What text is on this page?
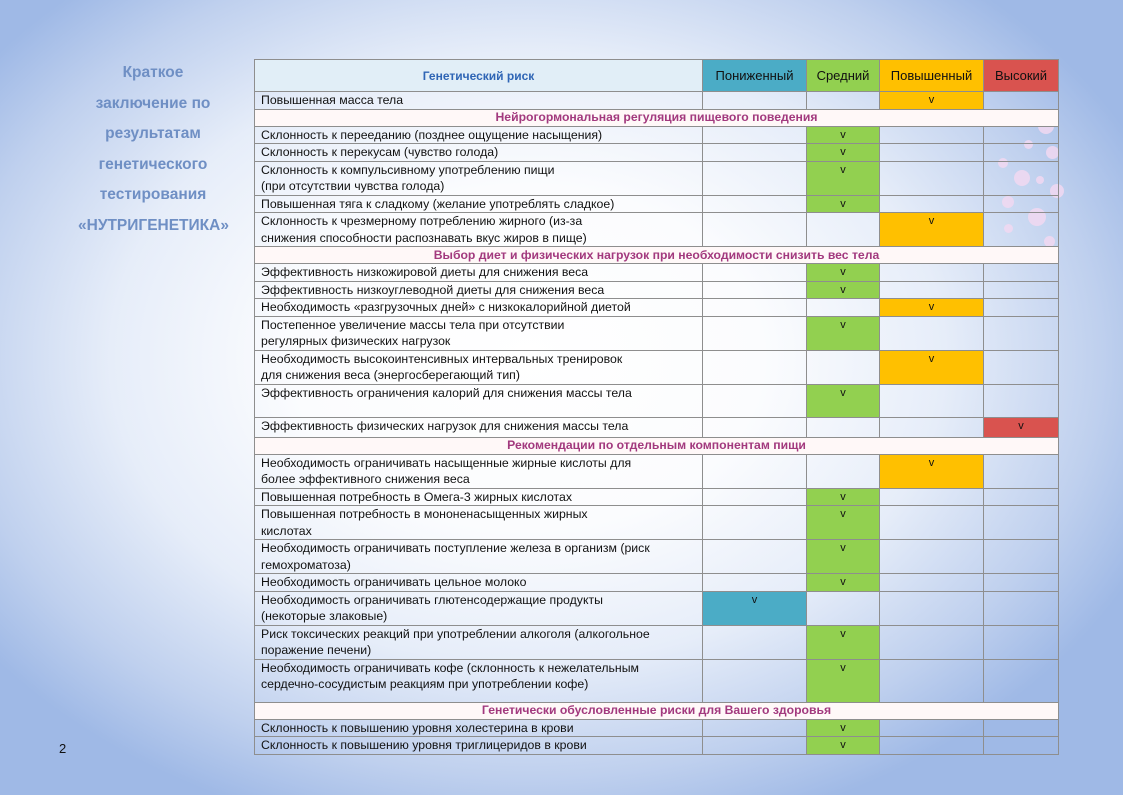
Краткое
заключение по
результатам
генетического
тестирования
«НУТРИГЕНЕТИКА»
Генетический риск	Пониженный	Средний	Повышенный	Высокий
Повышенная масса тела			v	
Нейрогормональная регуляция пищевого поведения				
Склонность к перееданию (позднее ощущение насыщения)		v		
Склонность к перекусам (чувство голода)		v		
Склонность к компульсивному употреблению пищи
(при отсутствии чувства голода)		v		
Повышенная тяга к сладкому (желание употреблять сладкое)		v		
Склонность к чрезмерному потреблению жирного (из-за
снижения способности распознавать вкус жиров в пище)			v	
Выбор диет и физических нагрузок при необходимости снизить вес тела				
Эффективность низкожировой диеты для снижения веса		v		
Эффективность низкоуглеводной диеты для снижения веса		v		
Необходимость «разгрузочных дней» с низкокалорийной диетой			v	
Постепенное увеличение массы тела при отсутствии
регулярных физических нагрузок		v		
Необходимость высокоинтенсивных интервальных тренировок
для снижения веса (энергосберегающий тип)			v	
Эффективность ограничения калорий для снижения массы тела		v		
Эффективность физических нагрузок для снижения массы тела				v
Рекомендации по отдельным компонентам пищи				
Необходимость ограничивать насыщенные жирные кислоты для
более эффективного снижения веса			v	
Повышенная потребность в Омега-3 жирных кислотах		v		
Повышенная потребность в мононенасыщенных жирных
кислотах		v		
Необходимость ограничивать поступление железа в организм (риск
гемохроматоза)		v		
Необходимость ограничивать цельное молоко		v		
Необходимость ограничивать глютенсодержащие продукты
(некоторые злаковые)	v			
Риск токсических реакций при употреблении алкоголя (алкогольное
поражение печени)		v		
Необходимость ограничивать кофе (склонность к нежелательным
сердечно-сосудистым реакциям при употреблении кофе)		v		
Генетически обусловленные риски для Вашего здоровья				
Склонность к повышению уровня холестерина в крови		v		
Склонность к повышению уровня триглицеридов в крови		v		
2
